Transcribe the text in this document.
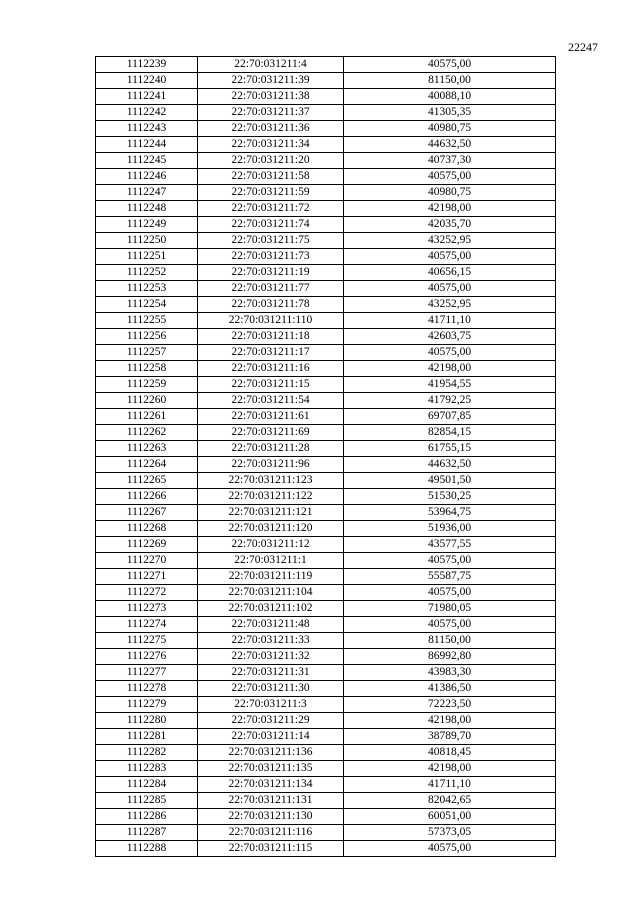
22247
1112239	22:70:031211:4	40575,00
1112240	22:70:031211:39	81150,00
1112241	22:70:031211:38	40088,10
1112242	22:70:031211:37	41305,35
1112243	22:70:031211:36	40980,75
1112244	22:70:031211:34	44632,50
1112245	22:70:031211:20	40737,30
1112246	22:70:031211:58	40575,00
1112247	22:70:031211:59	40980,75
1112248	22:70:031211:72	42198,00
1112249	22:70:031211:74	42035,70
1112250	22:70:031211:75	43252,95
1112251	22:70:031211:73	40575,00
1112252	22:70:031211:19	40656,15
1112253	22:70:031211:77	40575,00
1112254	22:70:031211:78	43252,95
1112255	22:70:031211:110	41711,10
1112256	22:70:031211:18	42603,75
1112257	22:70:031211:17	40575,00
1112258	22:70:031211:16	42198,00
1112259	22:70:031211:15	41954,55
1112260	22:70:031211:54	41792,25
1112261	22:70:031211:61	69707,85
1112262	22:70:031211:69	82854,15
1112263	22:70:031211:28	61755,15
1112264	22:70:031211:96	44632,50
1112265	22:70:031211:123	49501,50
1112266	22:70:031211:122	51530,25
1112267	22:70:031211:121	53964,75
1112268	22:70:031211:120	51936,00
1112269	22:70:031211:12	43577,55
1112270	22:70:031211:1	40575,00
1112271	22:70:031211:119	55587,75
1112272	22:70:031211:104	40575,00
1112273	22:70:031211:102	71980,05
1112274	22:70:031211:48	40575,00
1112275	22:70:031211:33	81150,00
1112276	22:70:031211:32	86992,80
1112277	22:70:031211:31	43983,30
1112278	22:70:031211:30	41386,50
1112279	22:70:031211:3	72223,50
1112280	22:70:031211:29	42198,00
1112281	22:70:031211:14	38789,70
1112282	22:70:031211:136	40818,45
1112283	22:70:031211:135	42198,00
1112284	22:70:031211:134	41711,10
1112285	22:70:031211:131	82042,65
1112286	22:70:031211:130	60051,00
1112287	22:70:031211:116	57373,05
1112288	22:70:031211:115	40575,00
